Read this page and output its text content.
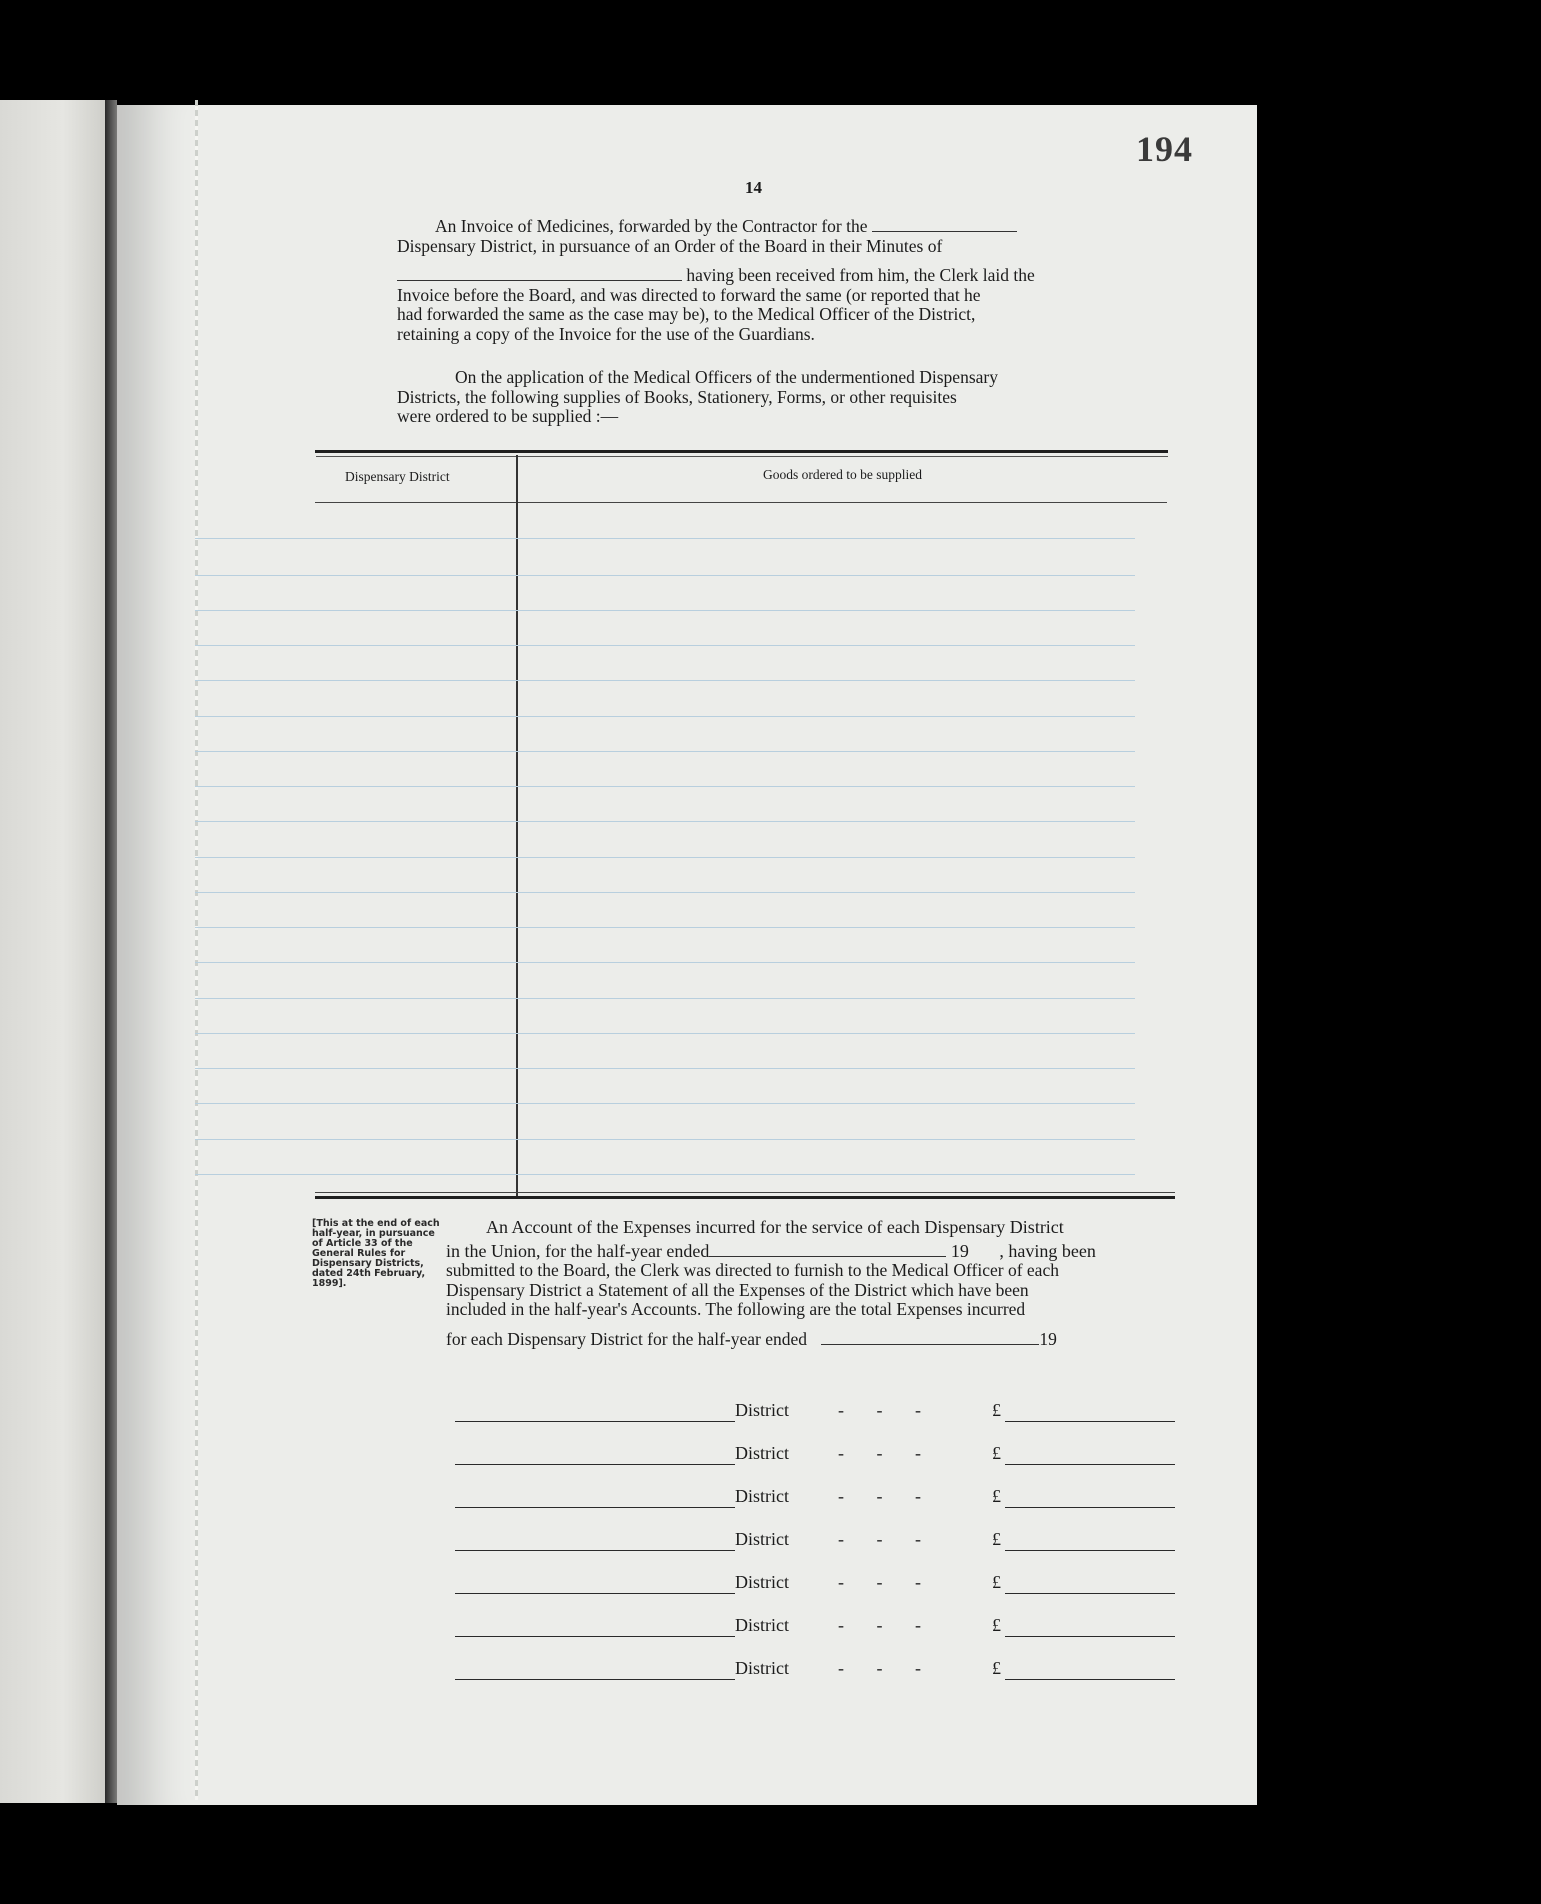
194
14
An Invoice of Medicines, forwarded by the Contractor for the
Dispensary District, in pursuance of an Order of the Board in their Minutes of
having been received from him, the Clerk laid the
Invoice before the Board, and was directed to forward the same (or reported that he
had forwarded the same as the case may be), to the Medical Officer of the District,
retaining a copy of the Invoice for the use of the Guardians.
On the application of the Medical Officers of the undermentioned Dispensary
Districts, the following supplies of Books, Stationery, Forms, or other requisites
were ordered to be supplied :—
Dispensary District	Goods ordered to be supplied
[This at the end of each half-year, in pursuance of Article 33 of the General Rules for Dispensary Districts, dated 24th February, 1899].
An Account of the Expenses incurred for the service of each Dispensary District
in the Union, for the half-year ended	19 , having been
submitted to the Board, the Clerk was directed to furnish to the Medical Officer of each
Dispensary District a Statement of all the Expenses of the District which have been
included in the half-year's Accounts. The following are the total Expenses incurred
for each Dispensary District for the half-year ended	19
District	- - -	£
District	- - -	£
District	- - -	£
District	- - -	£
District	- - -	£
District	- - -	£
District	- - -	£
